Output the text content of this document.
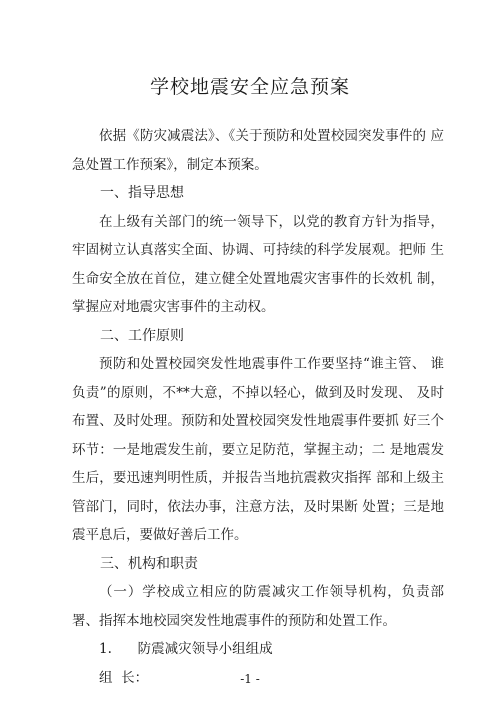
学校地震安全应急预案

依据《防灾减震法》、《关于预防和处置校园突发事件的 应急处置工作预案》，制定本预案。

一、指导思想

在上级有关部门的统一领导下，以党的教育方针为指导，牢固树立认真落实全面、协调、可持续的科学发展观。把师 生生命安全放在首位，建立健全处置地震灾害事件的长效机 制，掌握应对地震灾害事件的主动权。

二、工作原则

预防和处置校园突发性地震事件工作要坚持“谁主管、 谁负责”的原则，不**大意，不掉以轻心，做到及时发现、 及时布置、及时处理。预防和处置校园突发性地震事件要抓 好三个环节：一是地震发生前，要立足防范，掌握主动；二 是地震发生后，要迅速判明性质，并报告当地抗震救灾指挥 部和上级主管部门，同时，依法办事，注意方法，及时果断 处置；三是地震平息后，要做好善后工作。

三、机构和职责

（一）学校成立相应的防震减灾工作领导机构，负责部 署、指挥本地校园突发性地震事件的预防和处置工作。

1.      防震减灾领导小组组成

组  长：	-1 -
